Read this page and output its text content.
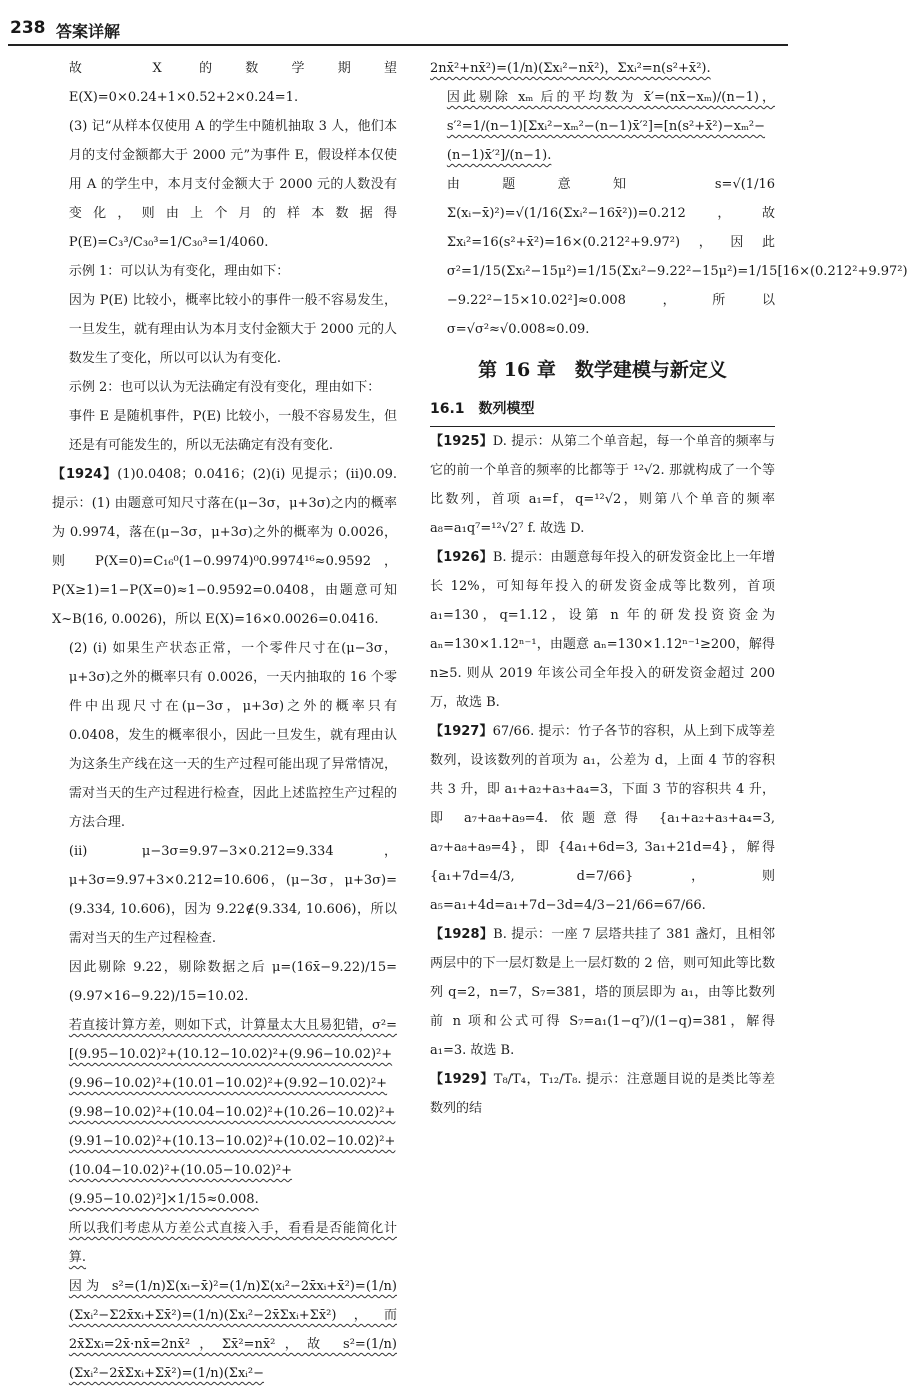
238 答案详解

故 X 的数学期望 E(X)=0×0.24+1×0.52+2×0.24=1.

(3) 记“从样本仅使用 A 的学生中随机抽取 3 人，他们本月的支付金额都大于 2000 元”为事件 E，假设样本仅使用 A 的学生中，本月支付金额大于 2000 元的人数没有变化，则由上个月的样本数据得 P(E)=C₃³/C₃₀³=1/C₃₀³=1/4060.

示例 1：可以认为有变化，理由如下：

因为 P(E) 比较小，概率比较小的事件一般不容易发生，一旦发生，就有理由认为本月支付金额大于 2000 元的人数发生了变化，所以可以认为有变化.

示例 2：也可以认为无法确定有没有变化，理由如下：

事件 E 是随机事件，P(E) 比较小，一般不容易发生，但还是有可能发生的，所以无法确定有没有变化.

【1924】(1)0.0408；0.0416；(2)(i) 见提示；(ii)0.09. 提示：(1) 由题意可知尺寸落在(μ−3σ，μ+3σ)之内的概率为 0.9974，落在(μ−3σ，μ+3σ)之外的概率为 0.0026，则 P(X=0)=C₁₆⁰(1−0.9974)⁰0.9974¹⁶≈0.9592，P(X≥1)=1−P(X=0)≈1−0.9592=0.0408，由题意可知 X~B(16, 0.0026)，所以 E(X)=16×0.0026=0.0416.

(2) (i) 如果生产状态正常，一个零件尺寸在(μ−3σ，μ+3σ)之外的概率只有 0.0026，一天内抽取的 16 个零件中出现尺寸在(μ−3σ，μ+3σ)之外的概率只有 0.0408，发生的概率很小，因此一旦发生，就有理由认为这条生产线在这一天的生产过程可能出现了异常情况，需对当天的生产过程进行检查，因此上述监控生产过程的方法合理.

(ii) μ−3σ=9.97−3×0.212=9.334，μ+3σ=9.97+3×0.212=10.606，(μ−3σ，μ+3σ)=(9.334, 10.606)，因为 9.22∉(9.334, 10.606)，所以需对当天的生产过程检查.

因此剔除 9.22，剔除数据之后 μ=(16x̄−9.22)/15=(9.97×16−9.22)/15=10.02.

若直接计算方差，则如下式，计算量太大且易犯错，σ²=[(9.95−10.02)²+(10.12−10.02)²+(9.96−10.02)²+(9.96−10.02)²+(10.01−10.02)²+(9.92−10.02)²+(9.98−10.02)²+(10.04−10.02)²+(10.26−10.02)²+(9.91−10.02)²+(10.13−10.02)²+(10.02−10.02)²+(10.04−10.02)²+(10.05−10.02)²+(9.95−10.02)²]×1/15≈0.008.

所以我们考虑从方差公式直接入手，看看是否能简化计算.

因为 s²=(1/n)Σ(xᵢ−x̄)²=(1/n)Σ(xᵢ²−2x̄xᵢ+x̄²)=(1/n)(Σxᵢ²−Σ2x̄xᵢ+Σx̄²)=(1/n)(Σxᵢ²−2x̄Σxᵢ+Σx̄²)，而 2x̄Σxᵢ=2x̄·nx̄=2nx̄²，Σx̄²=nx̄²，故 s²=(1/n)(Σxᵢ²−2x̄Σxᵢ+Σx̄²)=(1/n)(Σxᵢ²−

2nx̄²+nx̄²)=(1/n)(Σxᵢ²−nx̄²)，Σxᵢ²=n(s²+x̄²).

因此剔除 xₘ 后的平均数为 x̄′=(nx̄−xₘ)/(n−1)，s′²=1/(n−1)[Σxᵢ²−xₘ²−(n−1)x̄′²]=[n(s²+x̄²)−xₘ²−(n−1)x̄′²]/(n−1).

由题意知 s=√(1/16 Σ(xᵢ−x̄)²)=√(1/16(Σxᵢ²−16x̄²))=0.212，故 Σxᵢ²=16(s²+x̄²)=16×(0.212²+9.97²)，因此 σ²=1/15(Σxᵢ²−15μ²)=1/15(Σxᵢ²−9.22²−15μ²)=1/15[16×(0.212²+9.97²)−9.22²−15×10.02²]≈0.008，所以 σ=√σ²≈√0.008≈0.09.

第 16 章　数学建模与新定义
16.1　数列模型

【1925】D. 提示：从第二个单音起，每一个单音的频率与它的前一个单音的频率的比都等于 ¹²√2. 那就构成了一个等比数列，首项 a₁=f，q=¹²√2，则第八个单音的频率 a₈=a₁q⁷=¹²√2⁷ f. 故选 D.

【1926】B. 提示：由题意每年投入的研发资金比上一年增长 12%，可知每年投入的研发资金成等比数列，首项 a₁=130，q=1.12，设第 n 年的研发投资资金为 aₙ=130×1.12ⁿ⁻¹，由题意 aₙ=130×1.12ⁿ⁻¹≥200，解得 n≥5. 则从 2019 年该公司全年投入的研发资金超过 200 万，故选 B.

【1927】67/66. 提示：竹子各节的容积，从上到下成等差数列，设该数列的首项为 a₁，公差为 d，上面 4 节的容积共 3 升，即 a₁+a₂+a₃+a₄=3，下面 3 节的容积共 4 升，即 a₇+a₈+a₉=4. 依题意得 {a₁+a₂+a₃+a₄=3, a₇+a₈+a₉=4}，即 {4a₁+6d=3, 3a₁+21d=4}，解得 {a₁+7d=4/3, d=7/66}，则 a₅=a₁+4d=a₁+7d−3d=4/3−21/66=67/66.

【1928】B. 提示：一座 7 层塔共挂了 381 盏灯，且相邻两层中的下一层灯数是上一层灯数的 2 倍，则可知此等比数列 q=2，n=7，S₇=381，塔的顶层即为 a₁，由等比数列前 n 项和公式可得 S₇=a₁(1−q⁷)/(1−q)=381，解得 a₁=3. 故选 B.

【1929】T₈/T₄，T₁₂/T₈. 提示：注意题目说的是类比等差数列的结
